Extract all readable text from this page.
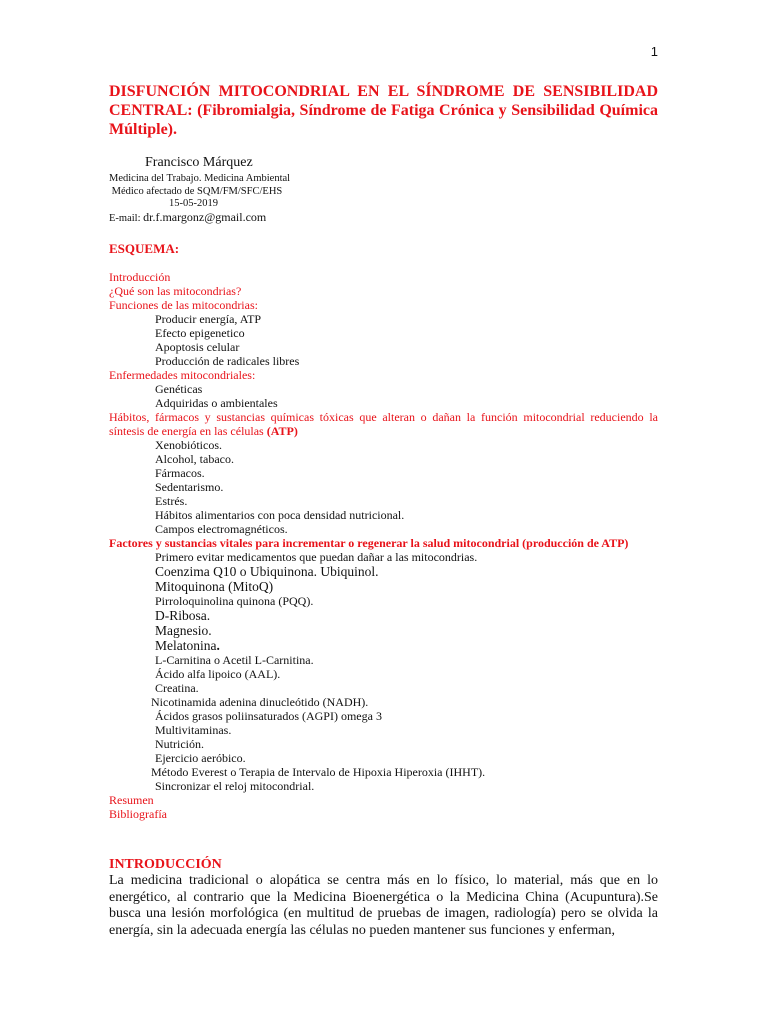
1
DISFUNCIÓN MITOCONDRIAL EN EL SÍNDROME DE SENSIBILIDAD CENTRAL: (Fibromialgia, Síndrome de Fatiga Crónica y Sensibilidad Química Múltiple).
Francisco Márquez
Medicina del Trabajo. Medicina Ambiental
Médico afectado de SQM/FM/SFC/EHS
15-05-2019
E-mail: dr.f.margonz@gmail.com
ESQUEMA:
Introducción
¿Qué son las mitocondrias?
Funciones de las mitocondrias:
Producir energía, ATP
Efecto epigenetico
Apoptosis celular
Producción de radicales libres
Enfermedades mitocondriales:
Genéticas
Adquiridas o ambientales
Hábitos, fármacos y sustancias químicas tóxicas que alteran o dañan la función mitocondrial reduciendo la síntesis de energía en las células (ATP)
Xenobióticos.
Alcohol, tabaco.
Fármacos.
Sedentarismo.
Estrés.
Hábitos alimentarios con poca densidad nutricional.
Campos electromagnéticos.
Factores y sustancias vitales para incrementar o regenerar la salud mitocondrial (producción de ATP)
Primero evitar medicamentos que puedan dañar a las mitocondrias.
Coenzima Q10 o Ubiquinona. Ubiquinol.
Mitoquinona (MitoQ)
Pirroloquinolina quinona (PQQ).
D-Ribosa.
Magnesio.
Melatonina.
L-Carnitina o Acetil L-Carnitina.
Ácido alfa lipoico (AAL).
Creatina.
Nicotinamida adenina dinucleótido (NADH).
Ácidos grasos poliinsaturados (AGPI) omega 3
Multivitaminas.
Nutrición.
Ejercicio aeróbico.
Método Everest o Terapia de Intervalo de Hipoxia Hiperoxia (IHHT).
Sincronizar el reloj mitocondrial.
Resumen
Bibliografía
INTRODUCCIÓN

La medicina tradicional o alopática se centra más en lo físico, lo material, más que en lo energético, al contrario que la Medicina Bioenergética o la Medicina China (Acupuntura).Se busca una lesión morfológica (en multitud de pruebas de imagen, radiología) pero se olvida la energía, sin la adecuada energía las células no pueden mantener sus funciones y enferman,
